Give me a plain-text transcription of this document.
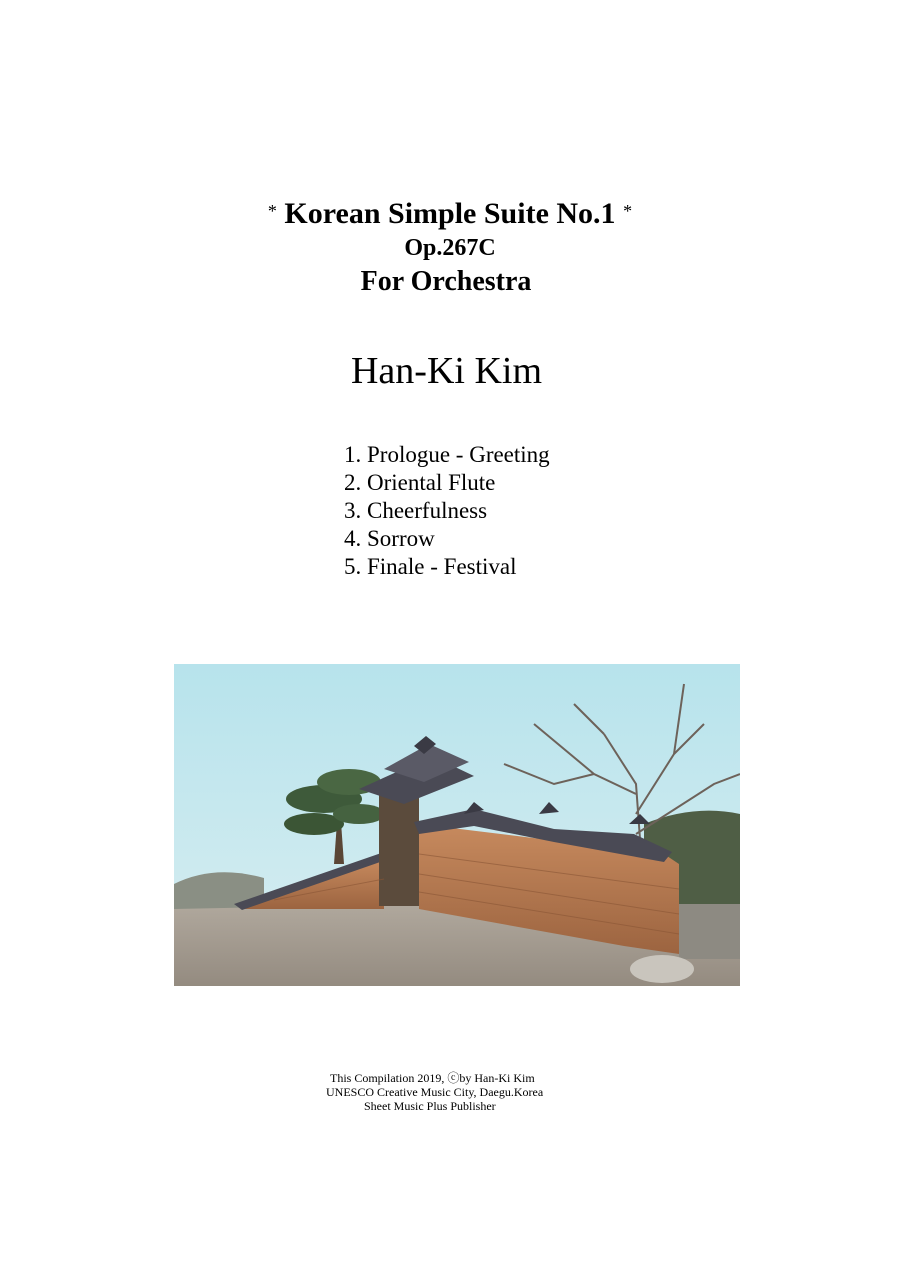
* Korean Simple Suite No.1 *
Op.267C
For Orchestra
Han-Ki Kim
1. Prologue - Greeting
2. Oriental Flute
3. Cheerfulness
4. Sorrow
5. Finale - Festival
This Compilation 2019, ⓒby Han-Ki Kim
UNESCO Creative Music City, Daegu.Korea
Sheet Music Plus Publisher
